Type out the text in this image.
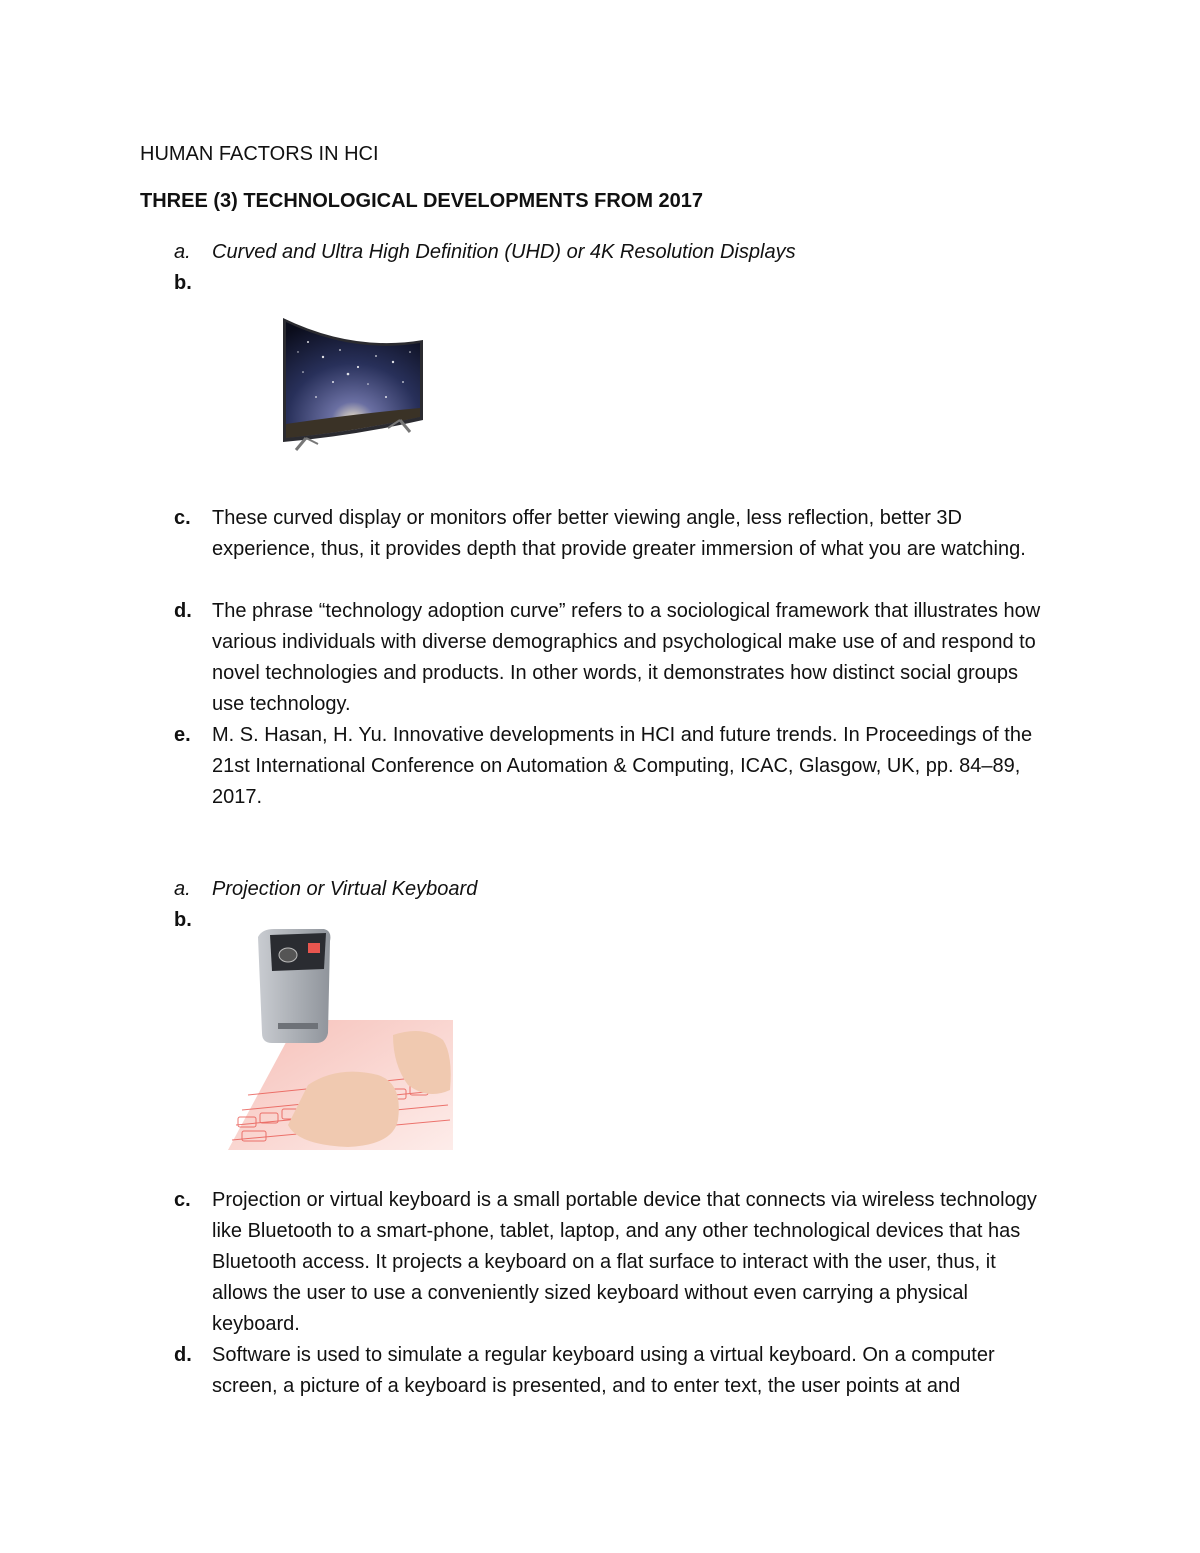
HUMAN FACTORS IN HCI
THREE (3) TECHNOLOGICAL DEVELOPMENTS FROM 2017
a.	Curved and Ultra High Definition (UHD) or 4K Resolution Displays
b.
c.	These curved display or monitors offer better viewing angle, less reflection, better 3D experience, thus, it provides depth that provide greater immersion of what you are watching.
d.	The phrase “technology adoption curve” refers to a sociological framework that illustrates how various individuals with diverse demographics and psychological make use of and respond to novel technologies and products. In other words, it demonstrates how distinct social groups use technology.
e.	M. S. Hasan, H. Yu. Innovative developments in HCI and future trends. In Proceedings of the 21st International Conference on Automation & Computing, ICAC, Glasgow, UK, pp. 84–89, 2017.
a.	Projection or Virtual Keyboard
b.
c.	Projection or virtual keyboard is a small portable device that connects via wireless technology like Bluetooth to a smart-phone, tablet, laptop, and any other technological devices that has Bluetooth access. It projects a keyboard on a flat surface to interact with the user, thus, it allows the user to use a conveniently sized keyboard without even carrying a physical keyboard.
d.	Software is used to simulate a regular keyboard using a virtual keyboard. On a computer screen, a picture of a keyboard is presented, and to enter text, the user points at and
